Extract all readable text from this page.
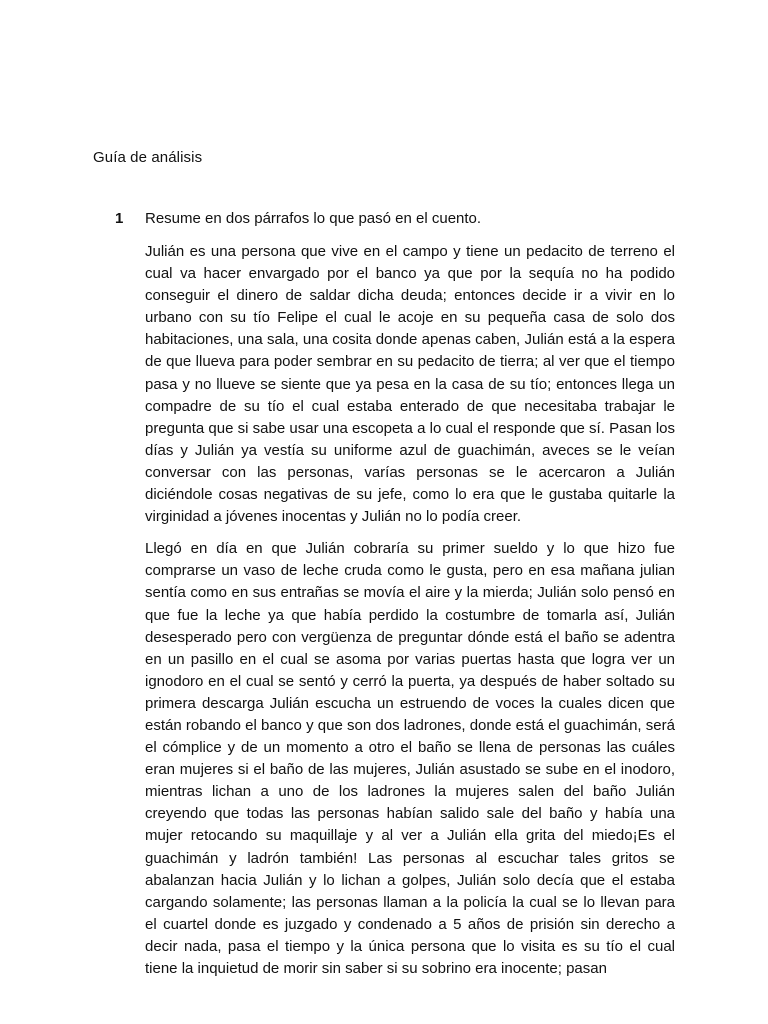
Guía de análisis
1 Resume en dos párrafos lo que pasó en el cuento.

Julián es una persona que vive en el campo y tiene un pedacito de terreno el cual va hacer envargado por el banco ya que por la sequía no ha podido conseguir el dinero de saldar dicha deuda; entonces decide ir a vivir en lo urbano con su tío Felipe el cual le acoje en su pequeña casa de solo dos habitaciones, una sala, una cosita donde apenas caben, Julián está a la espera de que llueva para poder sembrar en su pedacito de tierra; al ver que el tiempo pasa y no llueve se siente que ya pesa en la casa de su tío; entonces llega un compadre de su tío el cual estaba enterado de que necesitaba trabajar le pregunta que si sabe usar una escopeta a lo cual el responde que sí. Pasan los días y Julián ya vestía su uniforme azul de guachimán, aveces se le veían conversar con las personas, varías personas se le acercaron a Julián diciéndole cosas negativas de su jefe, como lo era que le gustaba quitarle la virginidad a jóvenes inocentas y Julián no lo podía creer.

Llegó en día en que Julián cobraría su primer sueldo y lo que hizo fue comprarse un vaso de leche cruda como le gusta, pero en esa mañana julian sentía como en sus entrañas se movía el aire y la mierda; Julián solo pensó en que fue la leche ya que había perdido la costumbre de tomarla así, Julián desesperado pero con vergüenza de preguntar dónde está el baño se adentra en un pasillo en el cual se asoma por varias puertas hasta que logra ver un ignodoro en el cual se sentó y cerró la puerta, ya después de haber soltado su primera descarga Julián escucha un estruendo de voces la cuales dicen que están robando el banco y que son dos ladrones, donde está el guachimán, será el cómplice y de un momento a otro el baño se llena de personas las cuáles eran mujeres si el baño de las mujeres, Julián asustado se sube en el inodoro, mientras lichan a uno de los ladrones la mujeres salen del baño Julián creyendo que todas las personas habían salido sale del baño y había una mujer retocando su maquillaje y al ver a Julián ella grita del miedo¡Es el guachimán y ladrón también! Las personas al escuchar tales gritos se abalanzan hacia Julián y lo lichan a golpes, Julián solo decía que el estaba cargando solamente; las personas llaman a la policía la cual se lo llevan para el cuartel donde es juzgado y condenado a 5 años de prisión sin derecho a decir nada, pasa el tiempo y la única persona que lo visita es su tío el cual tiene la inquietud de morir sin saber si su sobrino era inocente; pasan
